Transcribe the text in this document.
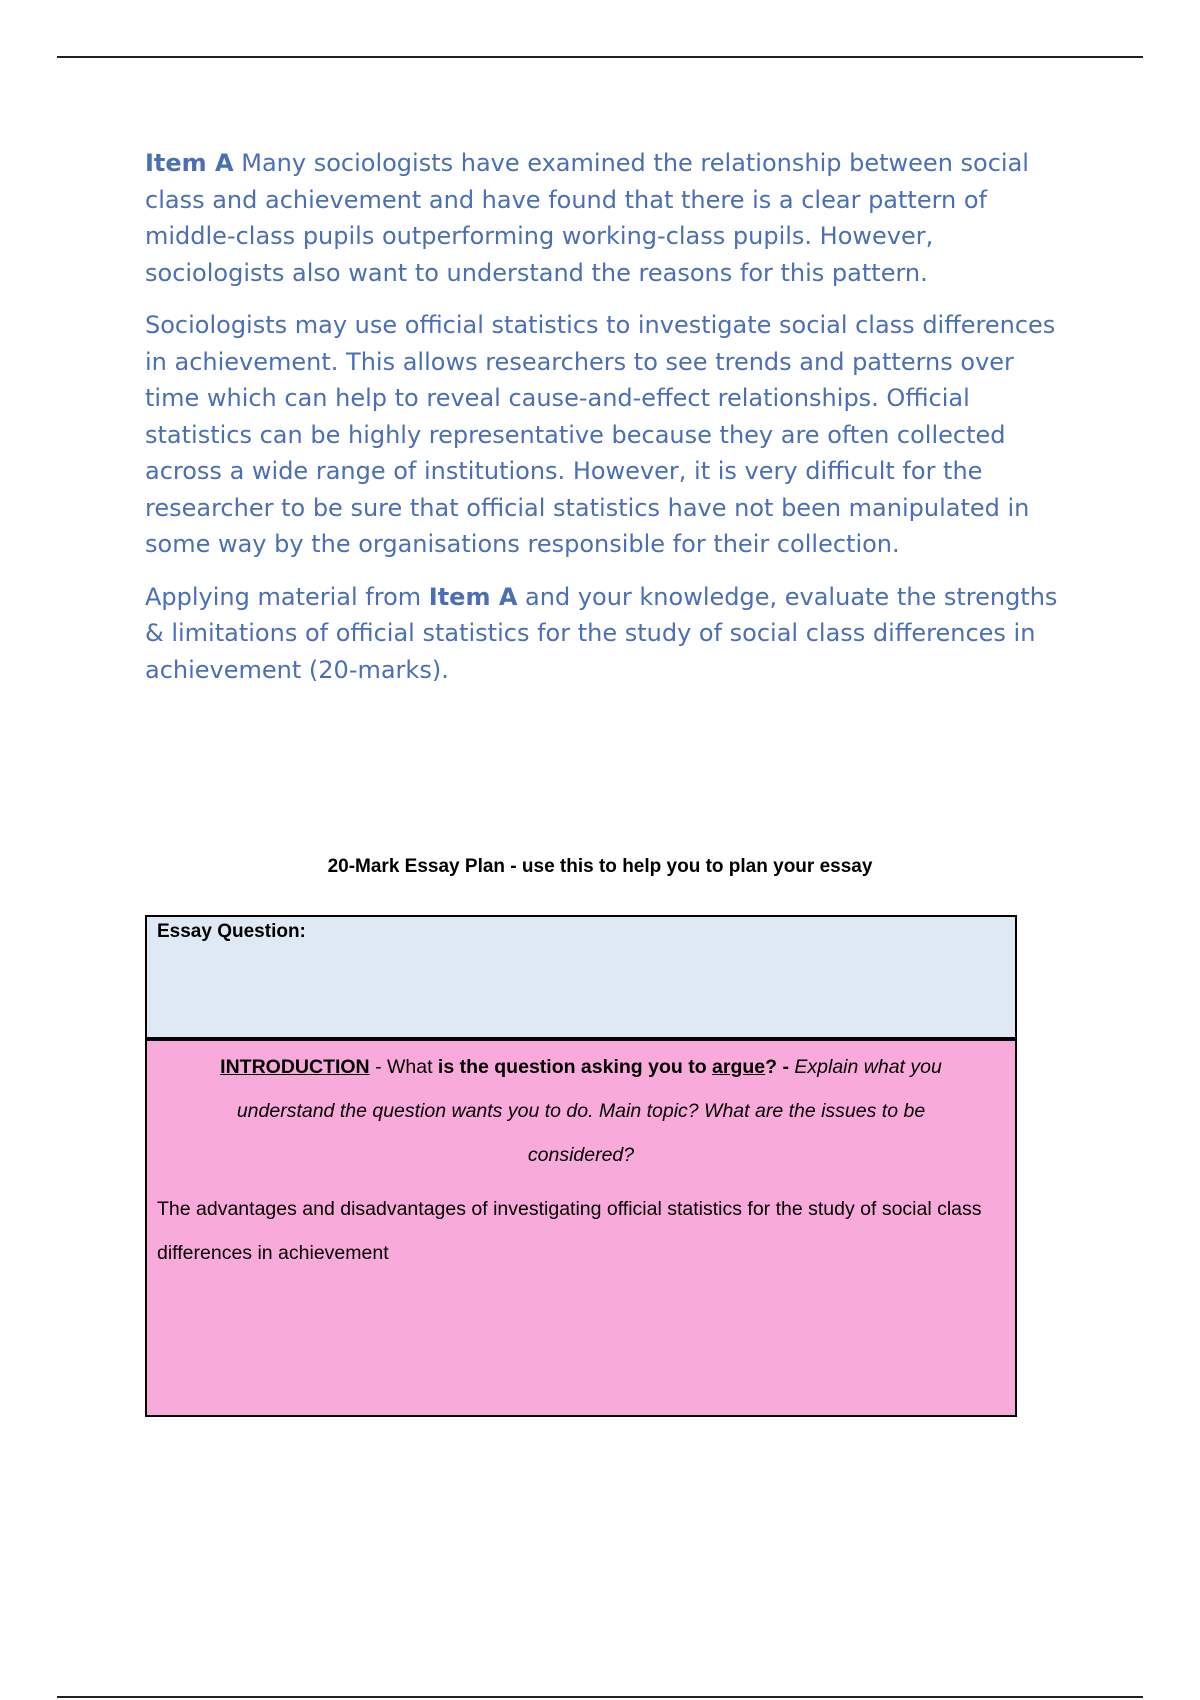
Item A Many sociologists have examined the relationship between social class and achievement and have found that there is a clear pattern of middle-class pupils outperforming working-class pupils. However, sociologists also want to understand the reasons for this pattern.

Sociologists may use official statistics to investigate social class differences in achievement. This allows researchers to see trends and patterns over time which can help to reveal cause-and-effect relationships. Official statistics can be highly representative because they are often collected across a wide range of institutions. However, it is very difficult for the researcher to be sure that official statistics have not been manipulated in some way by the organisations responsible for their collection.

Applying material from Item A and your knowledge, evaluate the strengths & limitations of official statistics for the study of social class differences in achievement (20-marks).

20-Mark Essay Plan - use this to help you to plan your essay
Essay Question:
INTRODUCTION - What is the question asking you to argue? - Explain what you understand the question wants you to do. Main topic? What are the issues to be considered?
The advantages and disadvantages of investigating official statistics for the study of social class differences in achievement
